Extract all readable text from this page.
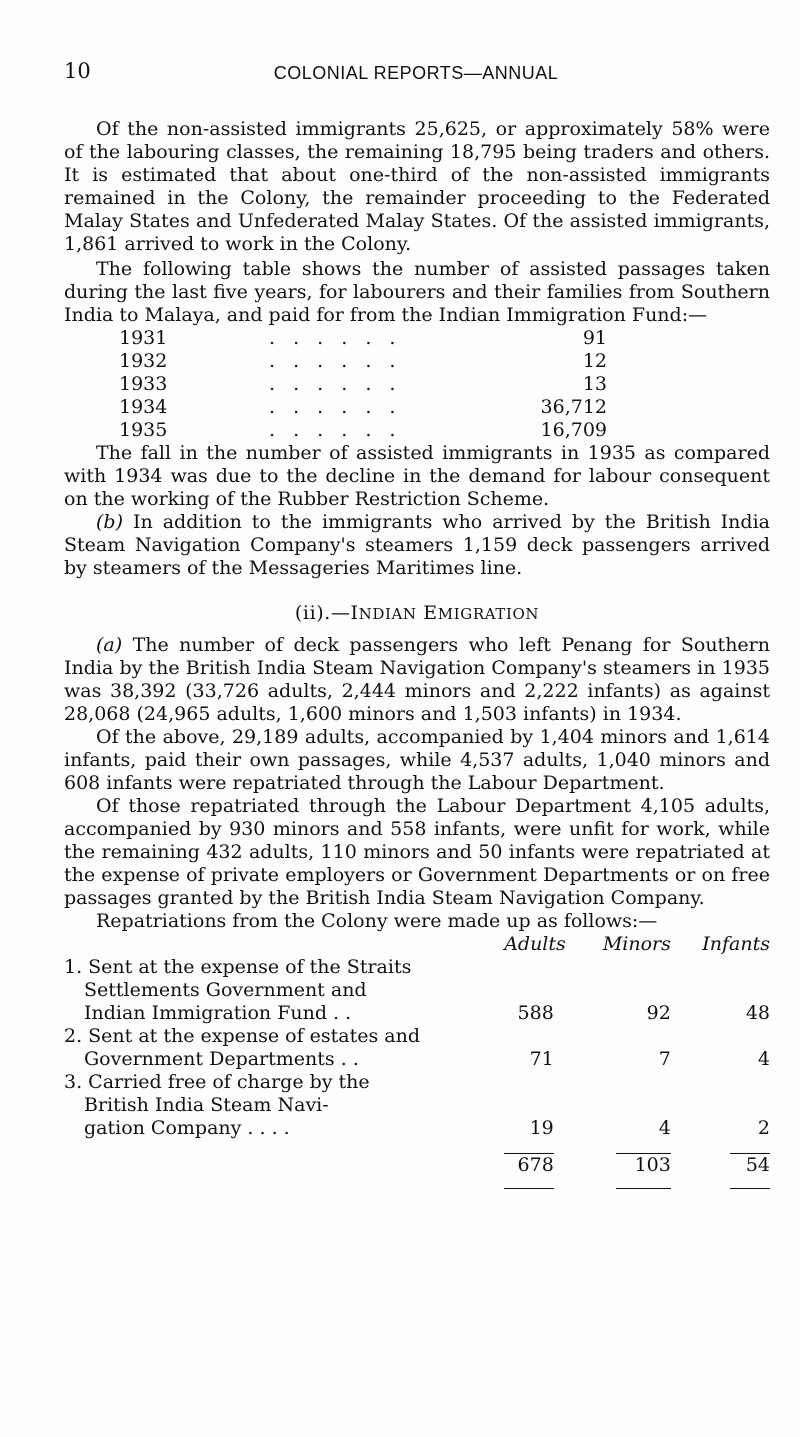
10	COLONIAL REPORTS—ANNUAL

Of the non-assisted immigrants 25,625, or approximately 58% were of the labouring classes, the remaining 18,795 being traders and others. It is estimated that about one-third of the non-assisted immigrants remained in the Colony, the remainder proceeding to the Federated Malay States and Unfederated Malay States. Of the assisted immigrants, 1,861 arrived to work in the Colony.

The following table shows the number of assisted passages taken during the last five years, for labourers and their families from Southern India to Malaya, and paid for from the Indian Immigration Fund:—

1931	. . . . . .	91
1932	. . . . . .	12
1933	. . . . . .	13
1934	. . . . . .	36,712
1935	. . . . . .	16,709

The fall in the number of assisted immigrants in 1935 as compared with 1934 was due to the decline in the demand for labour consequent on the working of the Rubber Restriction Scheme.

(b) In addition to the immigrants who arrived by the British India Steam Navigation Company's steamers 1,159 deck passengers arrived by steamers of the Messageries Maritimes line.

(ii).—INDIAN EMIGRATION

(a) The number of deck passengers who left Penang for Southern India by the British India Steam Navigation Company's steamers in 1935 was 38,392 (33,726 adults, 2,444 minors and 2,222 infants) as against 28,068 (24,965 adults, 1,600 minors and 1,503 infants) in 1934.

Of the above, 29,189 adults, accompanied by 1,404 minors and 1,614 infants, paid their own passages, while 4,537 adults, 1,040 minors and 608 infants were repatriated through the Labour Department.

Of those repatriated through the Labour Department 4,105 adults, accompanied by 930 minors and 558 infants, were unfit for work, while the remaining 432 adults, 110 minors and 50 infants were repatriated at the expense of private employers or Government Departments or on free passages granted by the British India Steam Navigation Company.

Repatriations from the Colony were made up as follows:—

	Adults	Minors	Infants

1. Sent at the expense of the Straits
Settlements Government and
Indian Immigration Fund . .	588	92	48

2. Sent at the expense of estates and
Government Departments . .	71	7	4

3. Carried free of charge by the
British India Steam Navi-
gation Company . . . .	19	4	2

	678	103	54
